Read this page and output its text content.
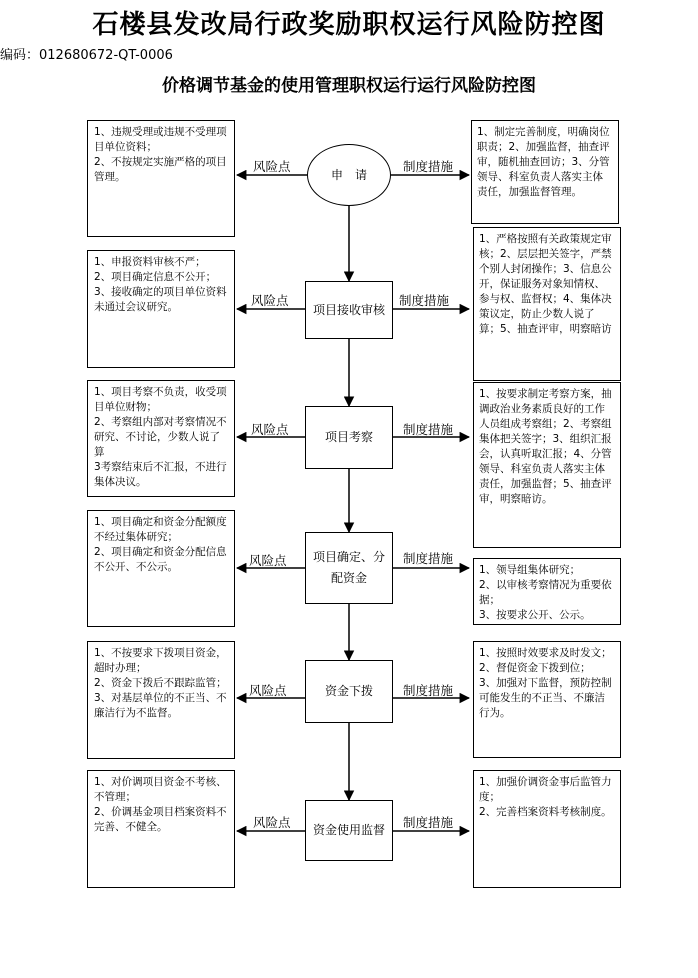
石楼县发改局行政奖励职权运行风险防控图
编码：012680672-QT-0006
价格调节基金的使用管理职权运行运行风险防控图

1、违规受理或违规不受理项目单位资料；

2、不按规定实施严格的项目管理。	申　请

1、制定完善制度，明确岗位职责；2、加强监督，抽查评审，随机抽查回访；3、分管领导、科室负责人落实主体责任，加强监督管理。

风险点	制度措施

1、申报资料审核不严；

2、项目确定信息不公开；

3、接收确定的项目单位资料未通过会议研究。	项目接收审核

1、严格按照有关政策规定审核；2、层层把关签字，严禁个别人封闭操作；3、信息公开，保证服务对象知情权、参与权、监督权；4、集体决策议定，防止少数人说了算；5、抽查评审，明察暗访

风险点	制度措施

1、项目考察不负责，收受项目单位财物；

2、考察组内部对考察情况不研究、不讨论，少数人说了算

3考察结束后不汇报，不进行集体决议。

项目考察

1、按要求制定考察方案，抽调政治业务素质良好的工作人员组成考察组；2、考察组集体把关签字；3、组织汇报会，认真听取汇报；4、分管领导、科室负责人落实主体责任，加强监督；5、抽查评审，明察暗访。

风险点	制度措施

1、项目确定和资金分配额度不经过集体研究；

2、项目确定和资金分配信息不公开、不公示。

项目确定、分配资金

1、领导组集体研究；

2、以审核考察情况为重要依据；

3、按要求公开、公示。

风险点	制度措施

1、不按要求下拨项目资金，超时办理；

2、资金下拨后不跟踪监管；

3、对基层单位的不正当、不廉洁行为不监督。

资金下拨

1、按照时效要求及时发文；

2、督促资金下拨到位；

3、加强对下监督，预防控制可能发生的不正当、不廉洁行为。

风险点	制度措施

1、对价调项目资金不考核、不管理；

2、价调基金项目档案资料不完善、不健全。	资金使用监督

1、加强价调资金事后监管力度；

2、完善档案资料考核制度。

风险点	制度措施
